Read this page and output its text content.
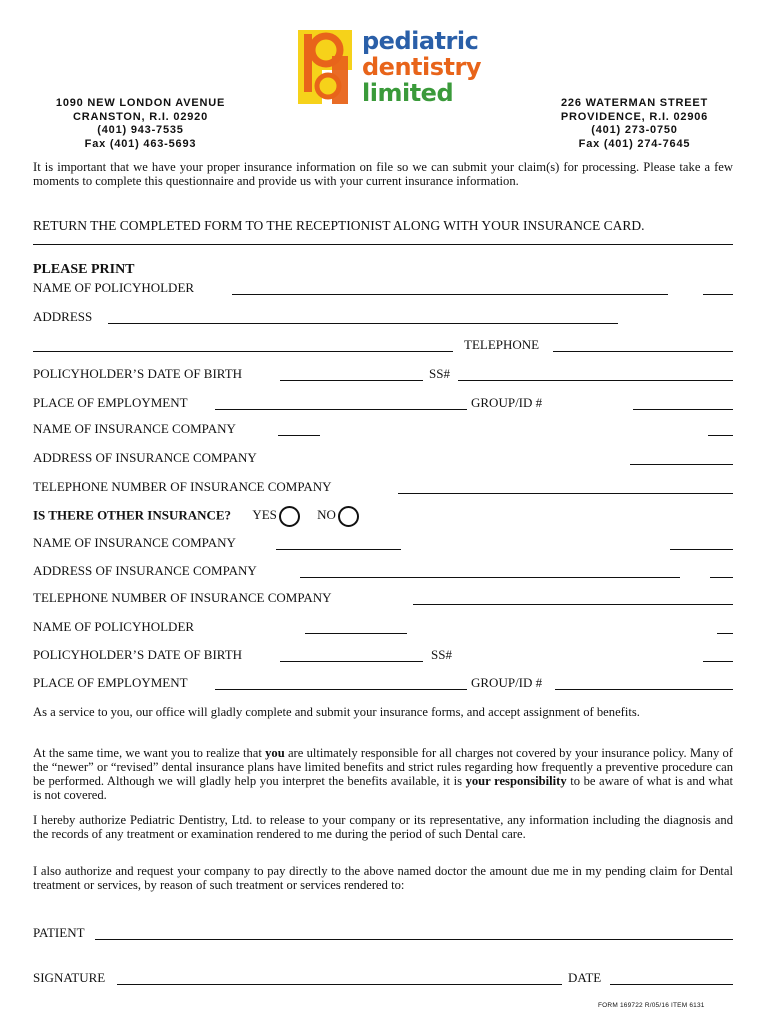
pediatric
dentistry
limited
1090 NEW LONDON AVENUE
CRANSTON, R.I. 02920
(401) 943-7535
Fax (401) 463-5693
226 WATERMAN STREET
PROVIDENCE, R.I. 02906
(401) 273-0750
Fax (401) 274-7645
It is important that we have your proper insurance information on file so we can submit your claim(s) for processing. Please take a few moments to complete this questionnaire and provide us with your current insurance information.
RETURN THE COMPLETED FORM TO THE RECEPTIONIST ALONG WITH YOUR INSURANCE CARD.
PLEASE PRINT
NAME OF POLICYHOLDER
ADDRESS
TELEPHONE
POLICYHOLDER’S DATE OF BIRTH	SS#
PLACE OF EMPLOYMENT	GROUP/ID #
NAME OF INSURANCE COMPANY
ADDRESS OF INSURANCE COMPANY
TELEPHONE NUMBER OF INSURANCE COMPANY
IS THERE OTHER INSURANCE? YES	NO
NAME OF INSURANCE COMPANY
ADDRESS OF INSURANCE COMPANY
TELEPHONE NUMBER OF INSURANCE COMPANY
NAME OF POLICYHOLDER
POLICYHOLDER’S DATE OF BIRTH	SS#
PLACE OF EMPLOYMENT	GROUP/ID #
As a service to you, our office will gladly complete and submit your insurance forms, and accept assignment of benefits.
At the same time, we want you to realize that you are ultimately responsible for all charges not covered by your insurance policy. Many of the “newer” or “revised” dental insurance plans have limited benefits and strict rules regarding how frequently a preventive procedure can be performed. Although we will gladly help you interpret the benefits available, it is your responsibility to be aware of what is and what is not covered.
I hereby authorize Pediatric Dentistry, Ltd. to release to your company or its representative, any information including the diagnosis and the records of any treatment or examination rendered to me during the period of such Dental care.
I also authorize and request your company to pay directly to the above named doctor the amount due me in my pending claim for Dental treatment or services, by reason of such treatment or services rendered to:
PATIENT
SIGNATURE	DATE
FORM 169722 R/05/16 ITEM 6131
